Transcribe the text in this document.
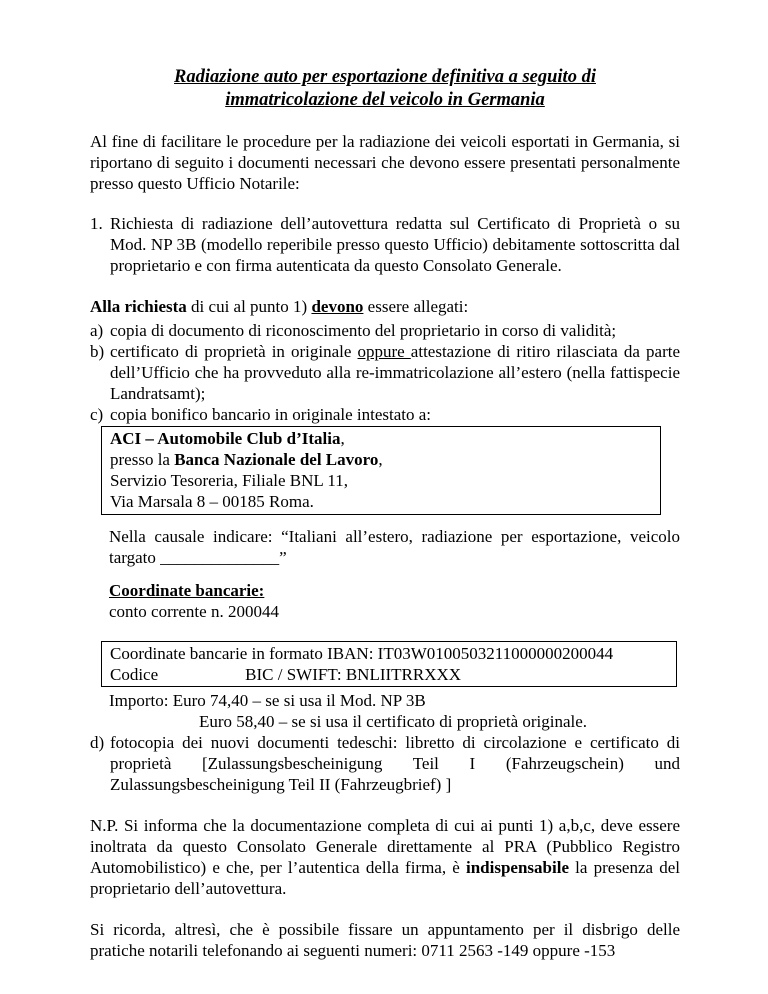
Radiazione auto per esportazione definitiva a seguito di
immatricolazione del veicolo in Germania

Al fine di facilitare le procedure per la radiazione dei veicoli esportati in Germania, si riportano di seguito i documenti necessari che devono essere presentati personalmente presso questo Ufficio Notarile:

1. Richiesta di radiazione dell’autovettura redatta sul Certificato di Proprietà o su Mod. NP 3B (modello reperibile presso questo Ufficio) debitamente sottoscritta dal proprietario e con firma autenticata da questo Consolato Generale.

Alla richiesta di cui al punto 1) devono essere allegati:

a) copia di documento di riconoscimento del proprietario in corso di validità;

b) certificato di proprietà in originale oppure attestazione di ritiro rilasciata da parte dell’Ufficio che ha provveduto alla re-immatricolazione all’estero (nella fattispecie Landratsamt);

c) copia bonifico bancario in originale intestato a:

ACI – Automobile Club d’Italia,
presso la Banca Nazionale del Lavoro,
Servizio Tesoreria, Filiale BNL 11,
Via Marsala 8 – 00185 Roma.

Nella causale indicare: “Italiani all’estero, radiazione per esportazione, veicolo targato ______________”

Coordinate bancarie:

conto corrente n. 200044

Coordinate bancarie in formato IBAN: IT03W0100503211000000200044
Codice	BIC / SWIFT: BNLIITRRXXX

Importo: Euro 74,40 – se si usa il Mod. NP 3B

Euro 58,40 – se si usa il certificato di proprietà originale.

d) fotocopia dei nuovi documenti tedeschi: libretto di circolazione e certificato di proprietà [Zulassungsbescheinigung Teil I (Fahrzeugschein) und Zulassungsbescheinigung Teil II (Fahrzeugbrief) ]

N.P. Si informa che la documentazione completa di cui ai punti 1) a,b,c, deve essere inoltrata da questo Consolato Generale direttamente al PRA (Pubblico Registro Automobilistico) e che, per l’autentica della firma, è indispensabile la presenza del proprietario dell’autovettura.

Si ricorda, altresì, che è possibile fissare un appuntamento per il disbrigo delle pratiche notarili telefonando ai seguenti numeri: 0711 2563 -149 oppure -153
